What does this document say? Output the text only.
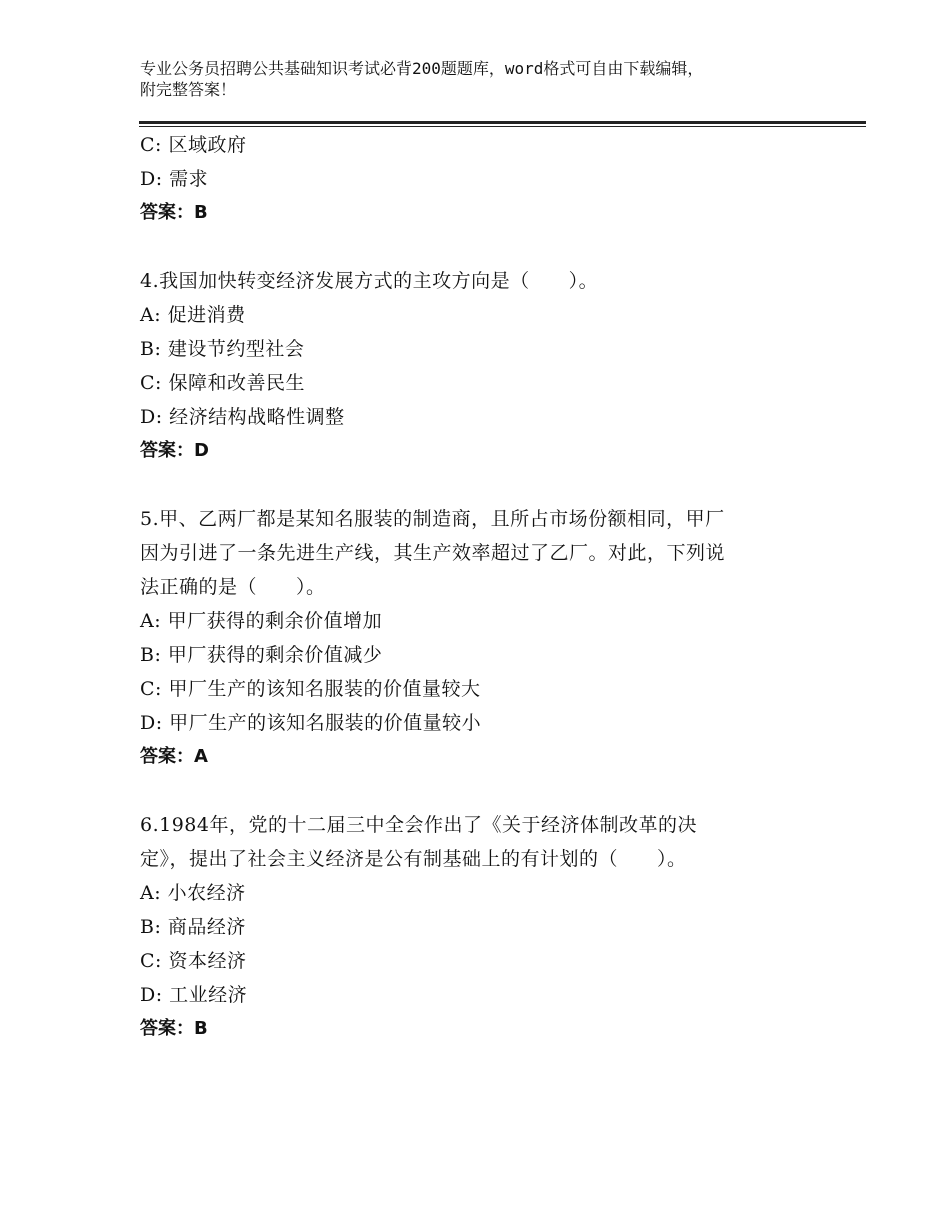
专业公务员招聘公共基础知识考试必背200题题库，word格式可自由下载编辑，
附完整答案！
C: 区域政府
D: 需求
答案：B
4.我国加快转变经济发展方式的主攻方向是（　　）。
A: 促进消费
B: 建设节约型社会
C: 保障和改善民生
D: 经济结构战略性调整
答案：D
5.甲、乙两厂都是某知名服装的制造商，且所占市场份额相同，甲厂
因为引进了一条先进生产线，其生产效率超过了乙厂。对此，下列说
法正确的是（　　）。
A: 甲厂获得的剩余价值增加
B: 甲厂获得的剩余价值减少
C: 甲厂生产的该知名服装的价值量较大
D: 甲厂生产的该知名服装的价值量较小
答案：A
6.1984年，党的十二届三中全会作出了《关于经济体制改革的决
定》，提出了社会主义经济是公有制基础上的有计划的（　　）。
A: 小农经济
B: 商品经济
C: 资本经济
D: 工业经济
答案：B
